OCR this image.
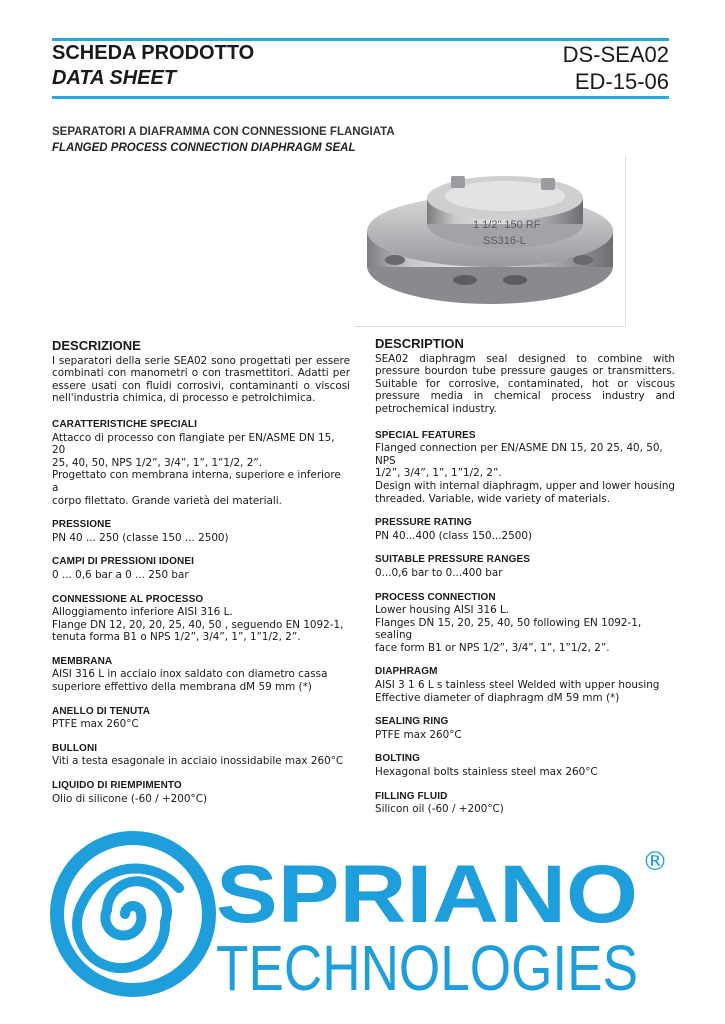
SCHEDA PRODOTTO
DATA SHEET
DS-SEA02
ED-15-06
SEPARATORI A DIAFRAMMA CON CONNESSIONE FLANGIATA
FLANGED PROCESS CONNECTION DIAPHRAGM SEAL
1 1/2" 150 RF
SS316-L
DESCRIZIONE
I separatori della serie SEA02 sono progettati per essere combinati con manometri o con trasmettitori. Adatti per essere usati con fluidi corrosivi, contaminanti o viscosi nell'industria chimica, di processo e petrolchimica.
CARATTERISTICHE SPECIALI
Attacco di processo con flangiate per EN/ASME DN 15, 20
25, 40, 50, NPS 1/2”, 3/4”, 1”, 1”1/2, 2”.
Progettato con membrana interna, superiore e inferiore a
corpo filettato. Grande varietà dei materiali.
PRESSIONE
PN 40 ... 250 (classe 150 ... 2500)
CAMPI DI PRESSIONI IDONEI
0 ... 0,6 bar a 0 ... 250 bar
CONNESSIONE AL PROCESSO
Alloggiamento inferiore AISI 316 L.
Flange DN 12, 20, 20, 25, 40, 50 , seguendo EN 1092-1,
tenuta forma B1 o NPS 1/2”, 3/4”, 1”, 1”1/2, 2”.
MEMBRANA
AISI 316 L in acciaio inox saldato con diametro cassa
superiore effettivo della membrana dM 59 mm (*)
ANELLO DI TENUTA
PTFE max 260°C
BULLONI
Viti a testa esagonale in acciaio inossidabile max 260°C
LIQUIDO DI RIEMPIMENTO
Olio di silicone (-60 / +200°C)
DESCRIPTION
SEA02 diaphragm seal designed to combine with pressure bourdon tube pressure gauges or transmitters. Suitable for corrosive, contaminated, hot or viscous pressure media in chemical process industry and petrochemical industry.
SPECIAL FEATURES
Flanged connection per EN/ASME DN 15, 20 25, 40, 50, NPS
1/2”, 3/4”, 1”, 1”1/2, 2”.
Design with internal diaphragm, upper and lower housing
threaded. Variable, wide variety of materials.
PRESSURE RATING
PN 40...400 (class 150...2500)
SUITABLE PRESSURE RANGES
0...0,6 bar to 0...400 bar
PROCESS CONNECTION
Lower housing AISI 316 L.
Flanges DN 15, 20, 25, 40, 50 following EN 1092-1, sealing
face form B1 or NPS 1/2”, 3/4”, 1”, 1”1/2, 2”.
DIAPHRAGM
AISI 3 1 6 L s tainless steel Welded with upper housing
Effective diameter of diaphragm dM 59 mm (*)
SEALING RING
PTFE max 260°C
BOLTING
Hexagonal bolts stainless steel max 260°C
FILLING FLUID
Silicon oil (-60 / +200°C)
SPRIANO ®
TECHNOLOGIES
